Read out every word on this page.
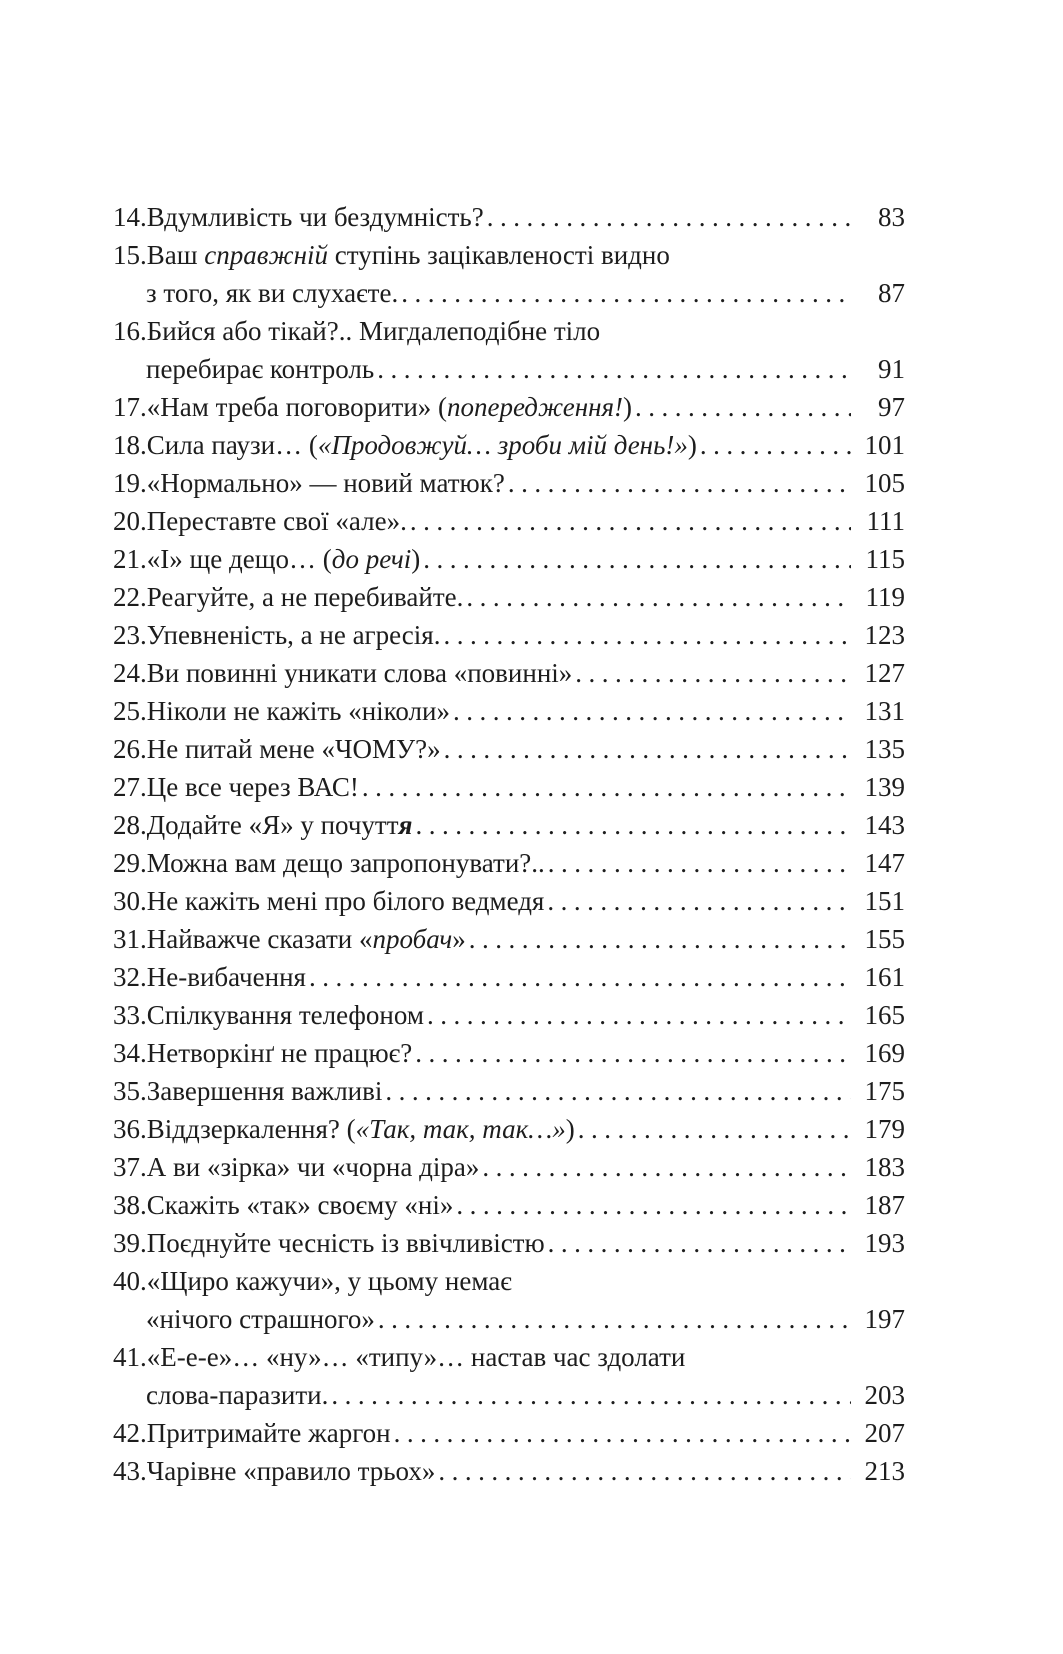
14. Вдумливість чи бездумність? .....	83
15. Ваш справжній ступінь зацікавленості видно
з того, як ви слухаєте. .....	87
16. Бийся або тікай?.. Мигдалеподібне тіло
перебирає контроль .....	91
17. «Нам треба поговорити» (попередження!) .....	97
18. Сила паузи… («Продовжуй… зроби мій день!») .....	101
19. «Нормально» — новий матюк? .....	105
20. Переставте свої «але». .....	111
21. «І» ще дещо… (до речі) .....	115
22. Реагуйте, а не перебивайте. .....	119
23. Упевненість, а не агресія. .....	123
24. Ви повинні уникати слова «повинні» .....	127
25. Ніколи не кажіть «ніколи» .....	131
26. Не питай мене «ЧОМУ?» .....	135
27. Це все через ВАС! .....	139
28. Додайте «Я» у почуття .....	143
29. Можна вам дещо запропонувати?.. .....	147
30. Не кажіть мені про білого ведмедя .....	151
31. Найважче сказати «пробач» .....	155
32. Не-вибачення .....	161
33. Спілкування телефоном .....	165
34. Нетворкінґ не працює? .....	169
35. Завершення важливі .....	175
36. Віддзеркалення? («Так, так, так…») .....	179
37. А ви «зірка» чи «чорна діра» .....	183
38. Скажіть «так» своєму «ні» .....	187
39. Поєднуйте чесність із ввічливістю .....	193
40. «Щиро кажучи», у цьому немає
«нічого страшного» .....	197
41. «Е-е-е»… «ну»… «типу»… настав час здолати
слова-паразити. .....	203
42. Притримайте жаргон .....	207
43. Чарівне «правило трьох» .....	213
